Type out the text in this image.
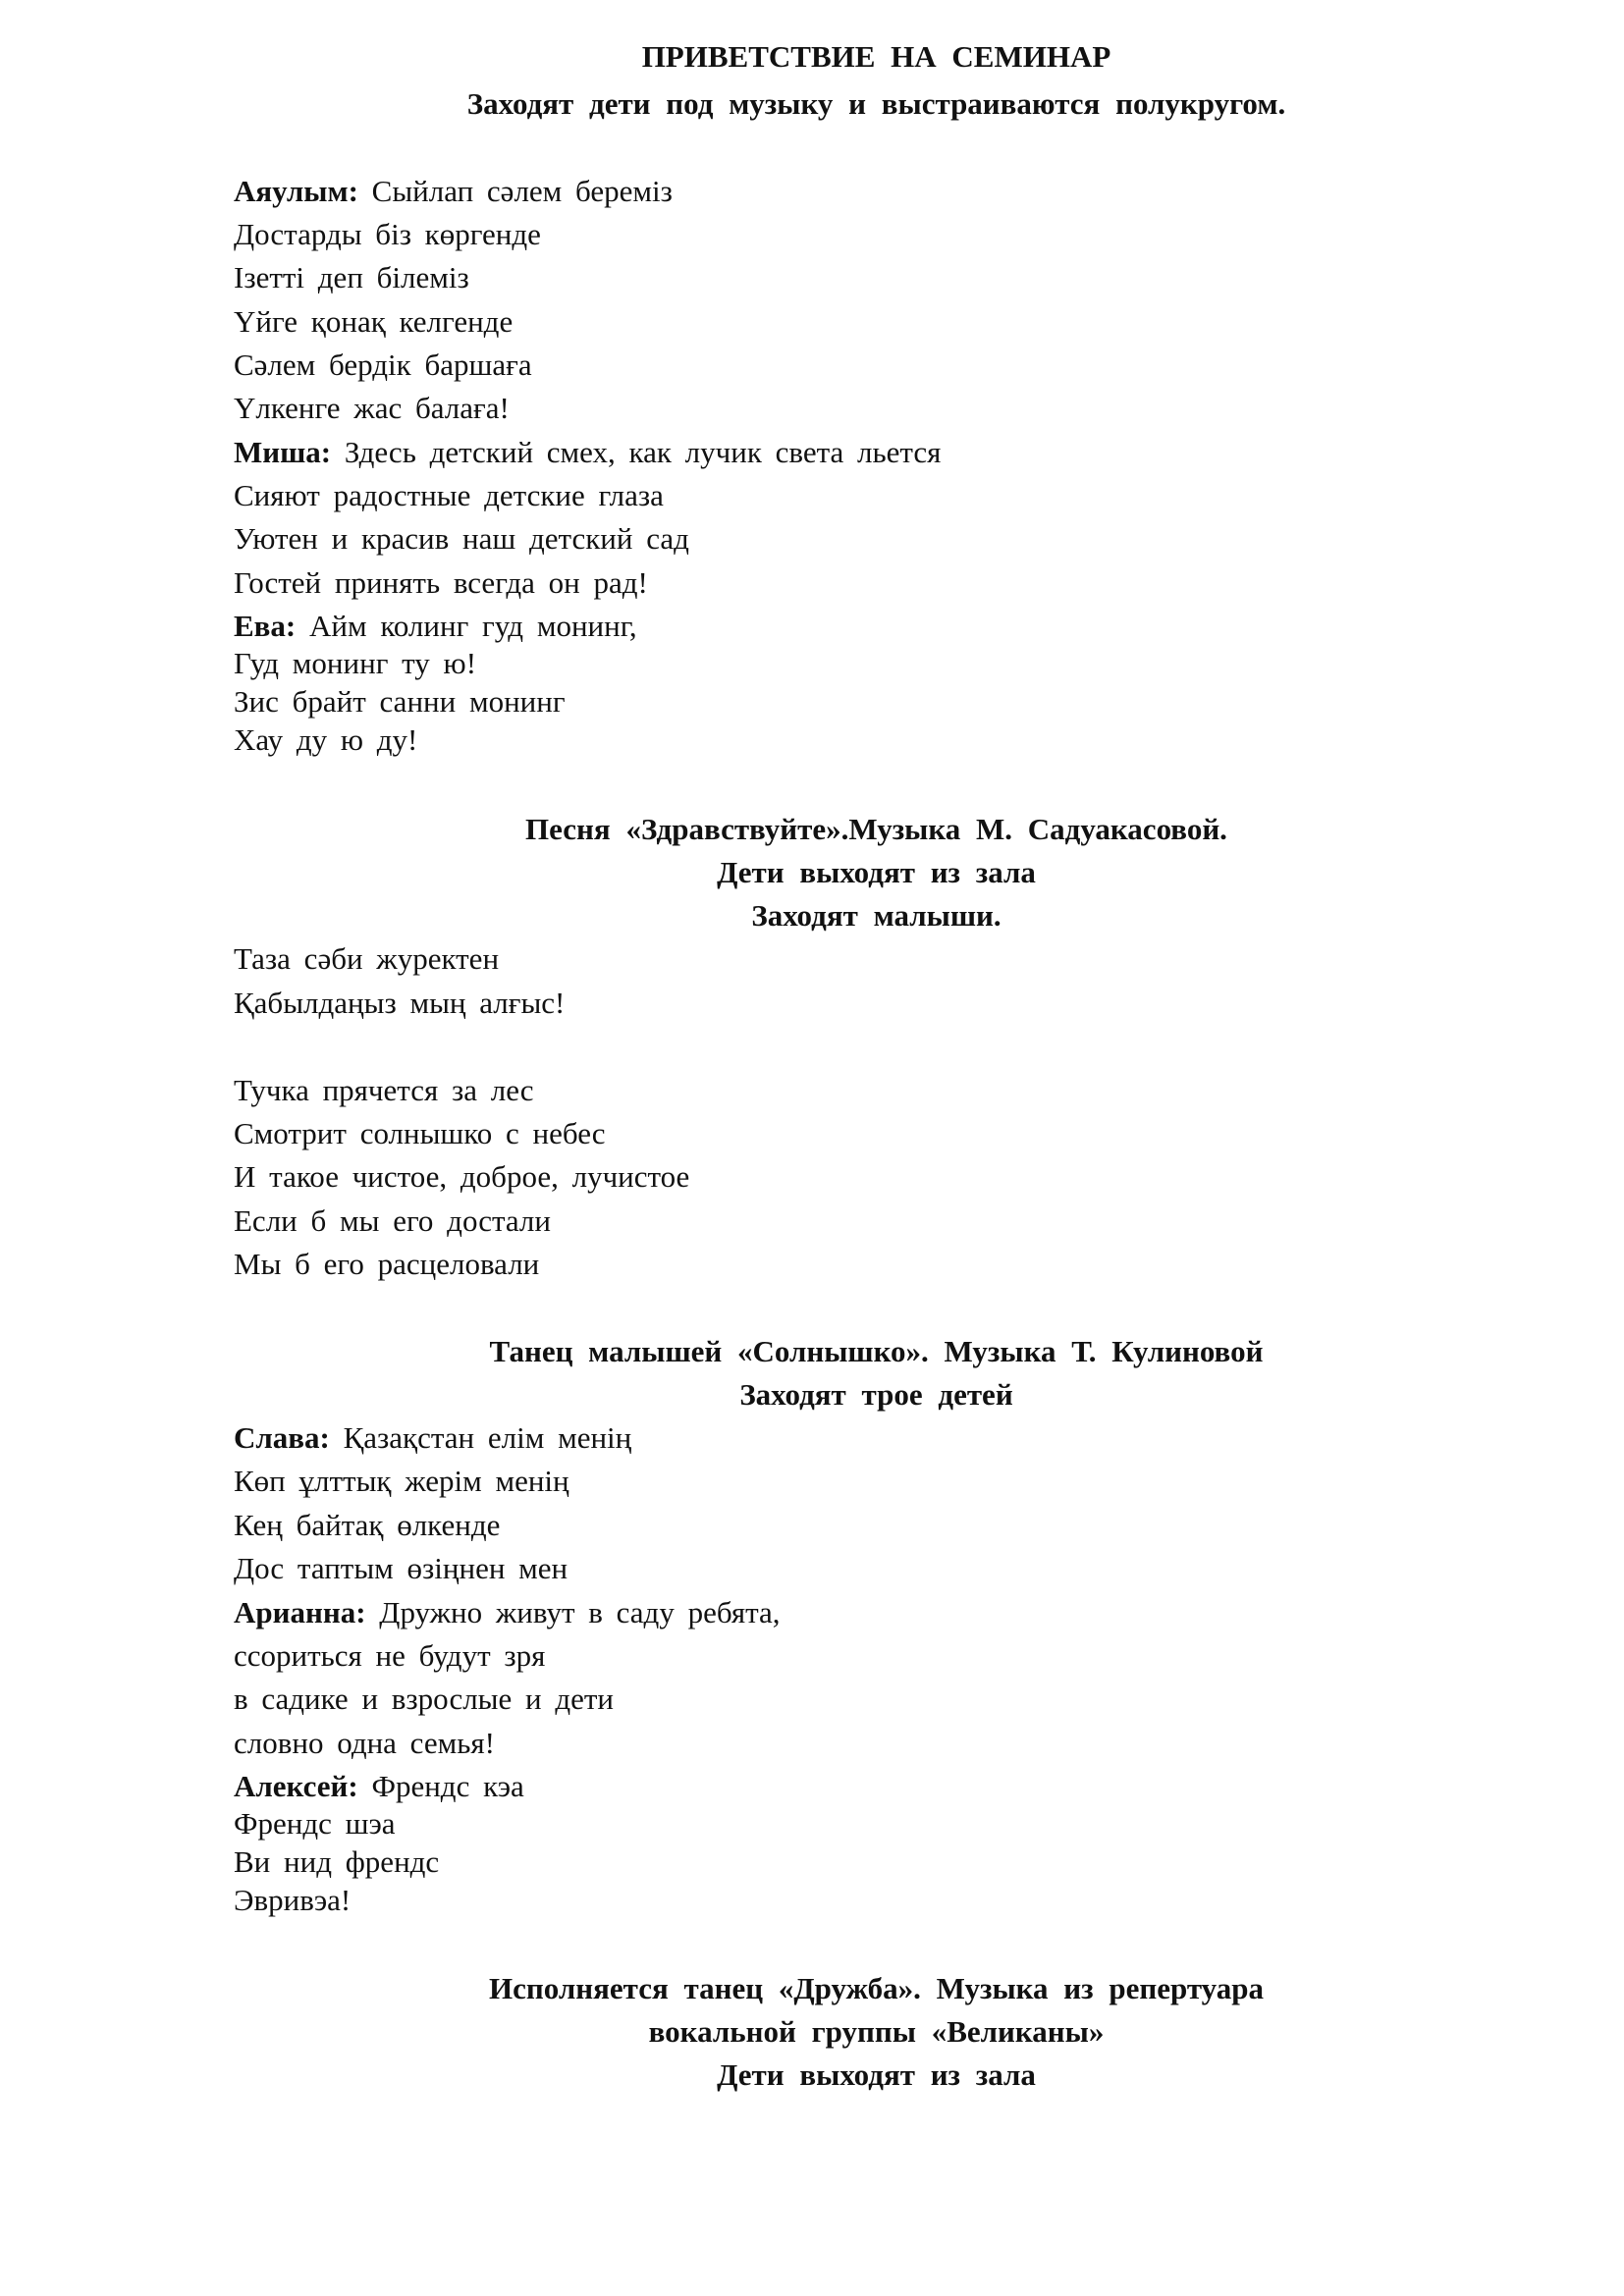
ПРИВЕТСТВИЕ НА СЕМИНАР
Заходят дети под музыку и выстраиваются полукругом.
Аяулым: Сыйлап сәлем береміз
Достарды біз көргенде
Ізетті деп білеміз
Үйге қонақ келгенде
Сәлем бердік баршаға
Үлкенге жас балаға!
Миша: Здесь детский смех, как лучик света льется
Сияют радостные детские глаза
Уютен и красив наш детский сад
Гостей принять всегда он рад!
Ева: Айм колинг гуд монинг,
Гуд монинг ту ю!
Зис брайт санни монинг
Хау ду ю ду!
Песня «Здравствуйте».Музыка М. Садуакасовой.
Дети выходят из зала
Заходят малыши.
Таза сәби журектен
Қабылдаңыз мың алғыс!
Тучка прячется за лес
Смотрит солнышко с небес
И такое чистое, доброе, лучистое
Если б мы его достали
Мы б его расцеловали
Танец малышей «Солнышко». Музыка Т. Кулиновой
Заходят трое детей
Слава: Қазақстан елім менің
Көп ұлттық жерім менің
Кең байтақ өлкенде
Дос таптым өзіңнен мен
Арианна: Дружно живут в саду ребята,
ссориться не будут зря
в садике и взрослые и дети
словно одна семья!
Алексей: Френдс кэа
Френдс шэа
Ви нид френдс
Эвривэа!
Исполняется танец «Дружба». Музыка из репертуара
вокальной группы «Великаны»
Дети выходят из зала
